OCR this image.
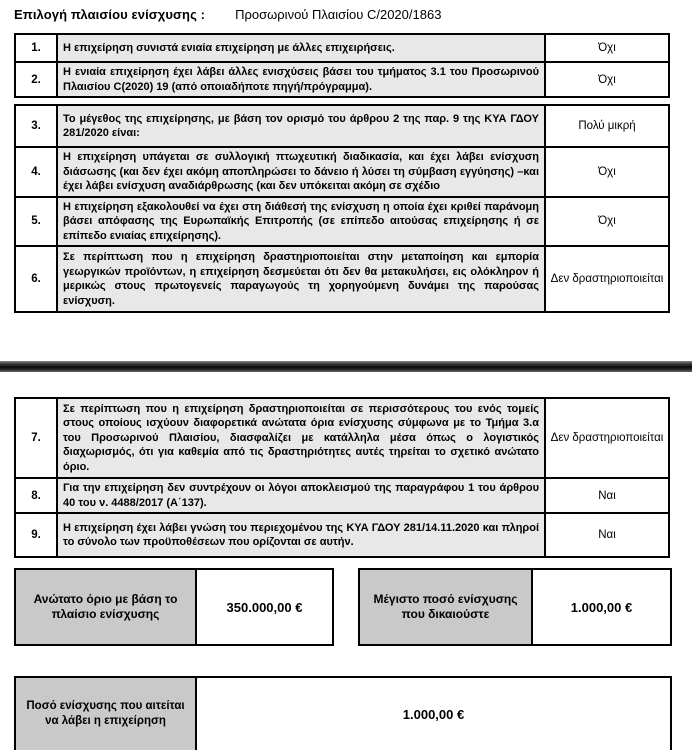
Επιλογή πλαισίου ενίσχυσης : Προσωρινού Πλαισίου C/2020/1863
1.	Η επιχείρηση συνιστά ενιαία επιχείρηση με άλλες επιχειρήσεις.	Όχι
2.
Η ενιαία επιχείρηση έχει λάβει άλλες ενισχύσεις βάσει του τμήματος 3.1 του Προσωρινού Πλαισίου C(2020) 19 (από οποιαδήποτε πηγή/πρόγραμμα).
Όχι
3.
Το μέγεθος της επιχείρησης, με βάση τον ορισμό του άρθρου 2 της παρ. 9 της ΚΥΑ ΓΔΟΥ 281/2020 είναι:
Πολύ μικρή
4.
Η επιχείρηση υπάγεται σε συλλογική πτωχευτική διαδικασία, και έχει λάβει ενίσχυση διάσωσης (και δεν έχει ακόμη αποπληρώσει το δάνειο ή λύσει τη σύμβαση εγγύησης) –και έχει λάβει ενίσχυση αναδιάρθρωσης (και δεν υπόκειται ακόμη σε σχέδιο
Όχι
5.
Η επιχείρηση εξακολουθεί να έχει στη διάθεσή της ενίσχυση η οποία έχει κριθεί παράνομη βάσει απόφασης της Ευρωπαϊκής Επιτροπής (σε επίπεδο αιτούσας επιχείρησης ή σε επίπεδο ενιαίας επιχείρησης).
Όχι
6.
Σε περίπτωση που η επιχείρηση δραστηριοποιείται στην μεταποίηση και εμπορία γεωργικών προϊόντων, η επιχείρηση δεσμεύεται ότι δεν θα μετακυλήσει, εις ολόκληρον ή μερικώς στους πρωτογενείς παραγωγούς τη χορηγούμενη δυνάμει της παρούσας ενίσχυση.
Δεν δραστηριοποιείται
7.
Σε περίπτωση που η επιχείρηση δραστηριοποιείται σε περισσότερους του ενός τομείς στους οποίους ισχύουν διαφορετικά ανώτατα όρια ενίσχυσης σύμφωνα με το Τμήμα 3.α του Προσωρινού Πλαισίου, διασφαλίζει με κατάλληλα μέσα όπως ο λογιστικός διαχωρισμός, ότι για καθεμία από τις δραστηριότητες αυτές τηρείται το σχετικό ανώτατο όριο.
Δεν δραστηριοποιείται
8.
Για την επιχείρηση δεν συντρέχουν οι λόγοι αποκλεισμού της παραγράφου 1 του άρθρου 40 του ν. 4488/2017 (Α΄137).
Ναι
9.
Η επιχείρηση έχει λάβει γνώση του περιεχομένου της ΚΥΑ ΓΔΟΥ 281/14.11.2020 και πληροί το σύνολο των προϋποθέσεων που ορίζονται σε αυτήν.
Ναι
Ανώτατο όριο με βάση το πλαίσιο ενίσχυσης	350.000,00 €
Μέγιστο ποσό ενίσχυσης που δικαιούστε	1.000,00 €
Ποσό ενίσχυσης που αιτείται να λάβει η επιχείρηση	1.000,00 €
